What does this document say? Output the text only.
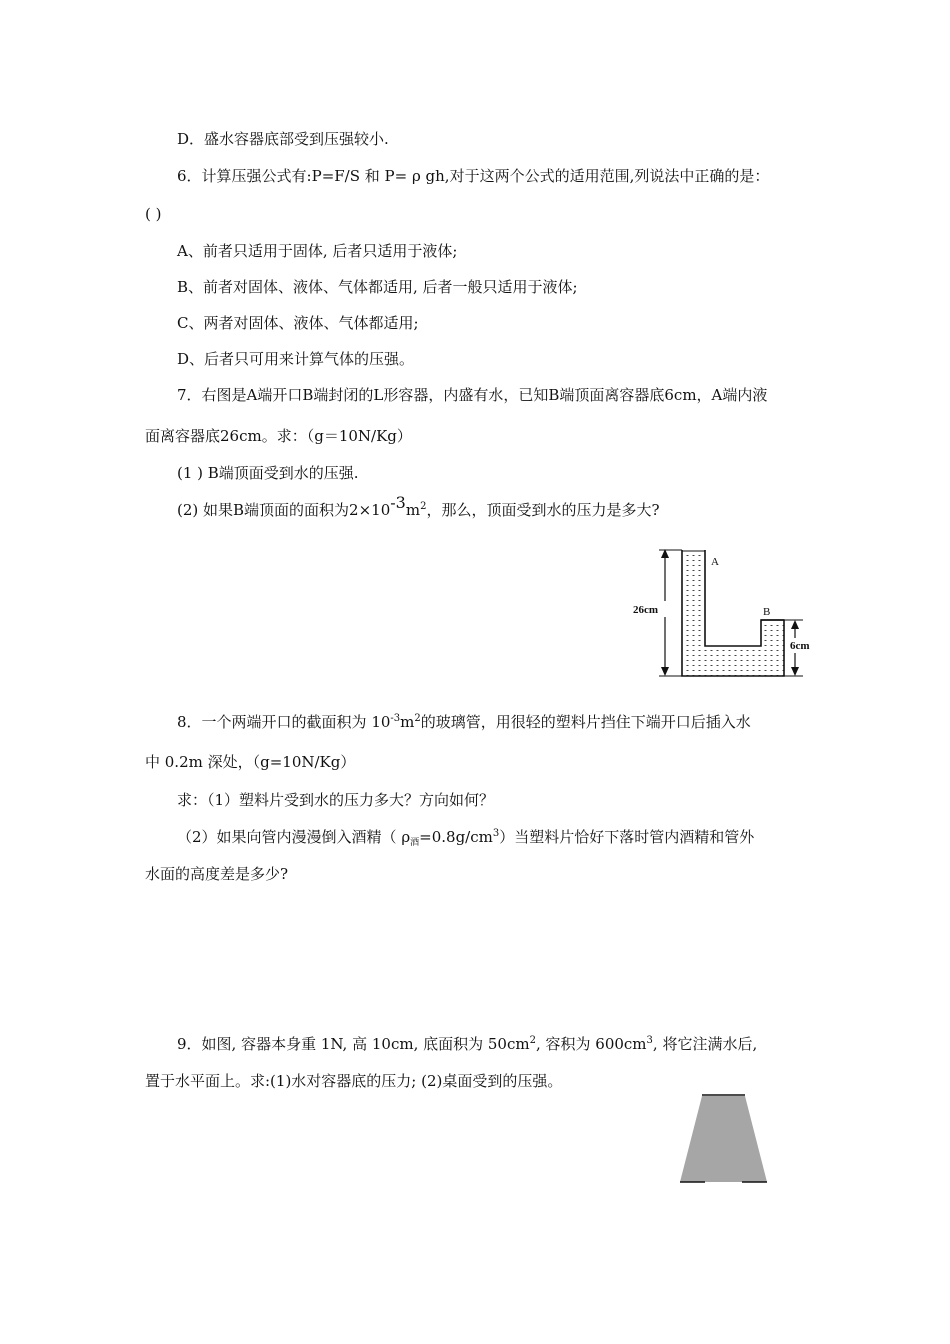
D．盛水容器底部受到压强较小.
6．计算压强公式有:P=F/S 和 P= ρ gh,对于这两个公式的适用范围,列说法中正确的是：
( )
A、前者只适用于固体, 后者只适用于液体;
B、前者对固体、液体、气体都适用, 后者一般只适用于液体;
C、两者对固体、液体、气体都适用;
D、后者只可用来计算气体的压强。
7．右图是A端开口B端封闭的L形容器，内盛有水，已知B端顶面离容器底6cm，A端内液
面离容器底26cm。求：（g＝10N/Kg）
(1 ) B端顶面受到水的压强.
(2) 如果B端顶面的面积为$2\times 10-3m^2$，那么，顶面受到水的压力是多大?
26cm
6cm
A
B
8．一个两端开口的截面积为 $10^{-3}m^2$的玻璃管，用很轻的塑料片挡住下端开口后插入水
中 0.2m 深处，（g=10N/Kg）
求：（1）塑料片受到水的压力多大？方向如何？
（2）如果向管内漫漫倒入酒精（ $\rho_酒=0.8g/cm^3$）当塑料片恰好下落时管内酒精和管外
水面的高度差是多少?
9．如图, 容器本身重 1N, 高 10cm, 底面积为 $50cm^2$, 容积为 $600cm^3$, 将它注满水后,
置于水平面上。求:(1)水对容器底的压力; (2)桌面受到的压强。
